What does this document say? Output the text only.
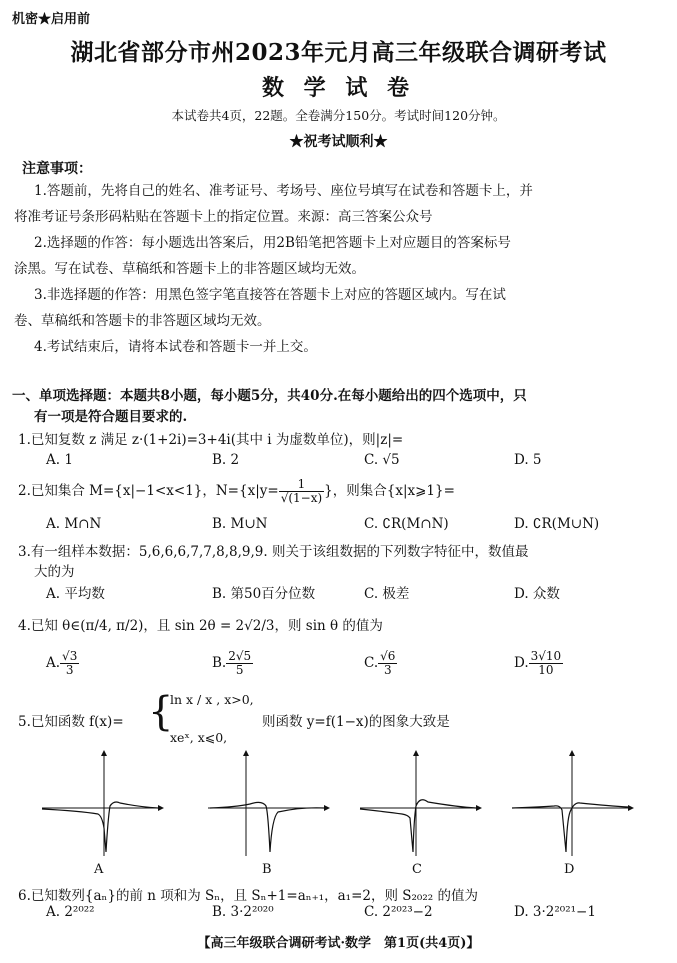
机密★启用前
湖北省部分市州2023年元月高三年级联合调研考试
数 学 试 卷
本试卷共4页，22题。全卷满分150分。考试时间120分钟。
★祝考试顺利★
注意事项：
1.答题前，先将自己的姓名、准考证号、考场号、座位号填写在试卷和答题卡上，并
将准考证号条形码粘贴在答题卡上的指定位置。来源：高三答案公众号
2.选择题的作答：每小题选出答案后，用2B铅笔把答题卡上对应题目的答案标号
涂黑。写在试卷、草稿纸和答题卡上的非答题区域均无效。
3.非选择题的作答：用黑色签字笔直接答在答题卡上对应的答题区域内。写在试
卷、草稿纸和答题卡的非答题区域均无效。
4.考试结束后，请将本试卷和答题卡一并上交。
一、单项选择题：本题共8小题，每小题5分，共40分.在每小题给出的四个选项中，只
有一项是符合题目要求的.
1.已知复数 z 满足 z·(1+2i)=3+4i(其中 i 为虚数单位)，则|z|=
A. 1	B. 2	C. √5	D. 5
2.已知集合 M={x|−1<x<1}，$N=\{x|y= \frac{1}{√(1-x)}$ }，则集合{x|x⩾1}=
A. M∩N	B. M∪N	C. ∁R(M∩N)	D. ∁R(M∪N)
3.有一组样本数据：5,6,6,6,7,7,8,8,9,9. 则关于该组数据的下列数字特征中，数值最
大的为
A. 平均数	B. 第50百分位数	C. 极差	D. 众数
4.已知 θ∈(π/4, π/2)，且 sin 2θ = 2√2/3，则 sin θ 的值为
A. $\frac{√3}{3}$	B. $\frac{2√5}{5}$	C. $\frac{√6}{3}$	D. $\frac{3√10}{10}$
5.已知函数 f(x)= {
ln x / x , x>0,
xeˣ, x⩽0,
则函数 y=f(1−x)的图象大致是
A	B	C	D
6.已知数列{aₙ}的前 n 项和为 Sₙ，且 Sₙ+1=aₙ₊₁，a₁=2，则 S₂₀₂₂ 的值为
A. 2²⁰²²	B. 3·2²⁰²⁰	C. 2²⁰²³−2	D. 3·2²⁰²¹−1
【高三年级联合调研考试·数学　第1页(共4页)】
